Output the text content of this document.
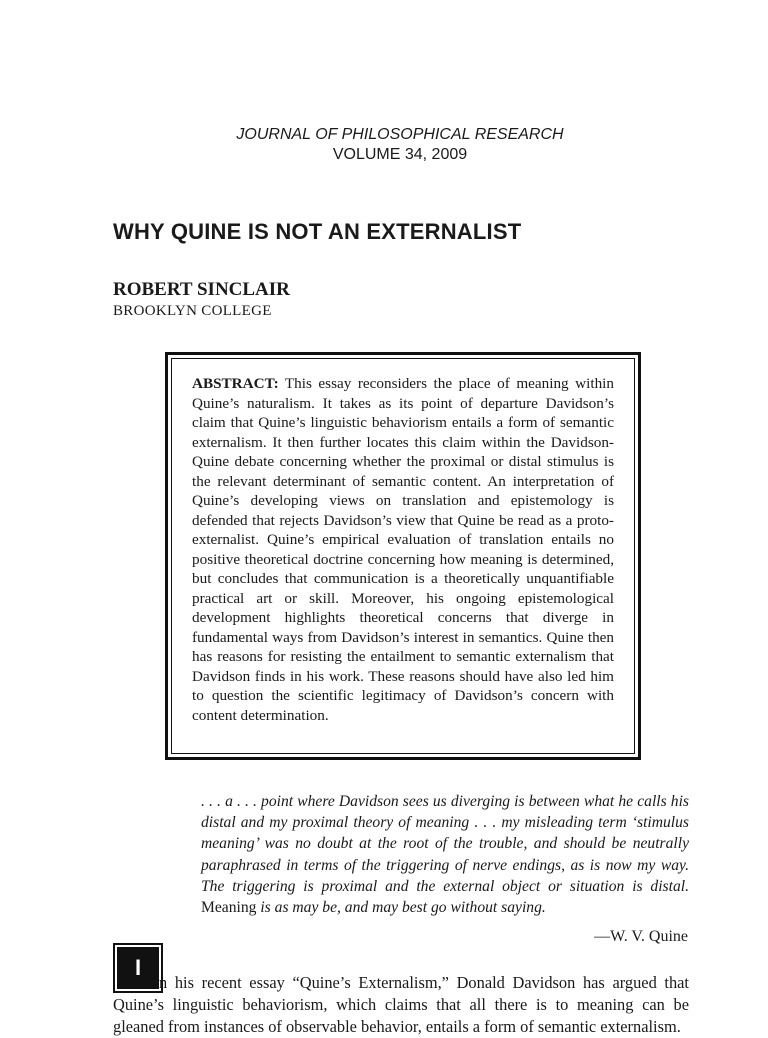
JOURNAL OF PHILOSOPHICAL RESEARCH
VOLUME 34, 2009
WHY QUINE IS NOT AN EXTERNALIST
ROBERT SINCLAIR
BROOKLYN COLLEGE
ABSTRACT: This essay reconsiders the place of meaning within Quine’s naturalism. It takes as its point of departure Davidson’s claim that Quine’s linguistic behaviorism entails a form of semantic externalism. It then further locates this claim within the Davidson-Quine debate concerning whether the proximal or distal stimulus is the relevant determinant of semantic content. An interpretation of Quine’s developing views on translation and epistemology is defended that rejects Davidson’s view that Quine be read as a proto-externalist. Quine’s empirical evaluation of translation entails no positive theoretical doctrine concerning how meaning is determined, but concludes that communication is a theoretically unquantifiable practical art or skill. Moreover, his ongoing epistemological development highlights theoretical concerns that diverge in fundamental ways from Davidson’s interest in semantics. Quine then has reasons for resisting the entailment to semantic externalism that Davidson finds in his work. These reasons should have also led him to question the scientific legitimacy of Davidson’s concern with content determination.
. . . a . . . point where Davidson sees us diverging is between what he calls his distal and my proximal theory of meaning . . . my misleading term ‘stimulus meaning’ was no doubt at the root of the trouble, and should be neutrally paraphrased in terms of the triggering of nerve endings, as is now my way. The triggering is proximal and the external object or situation is distal. Meaning is as may be, and may best go without saying.
—W. V. Quine
I
n his recent essay “Quine’s Externalism,” Donald Davidson has argued that Quine’s linguistic behaviorism, which claims that all there is to meaning can be gleaned from instances of observable behavior, entails a form of semantic externalism.
